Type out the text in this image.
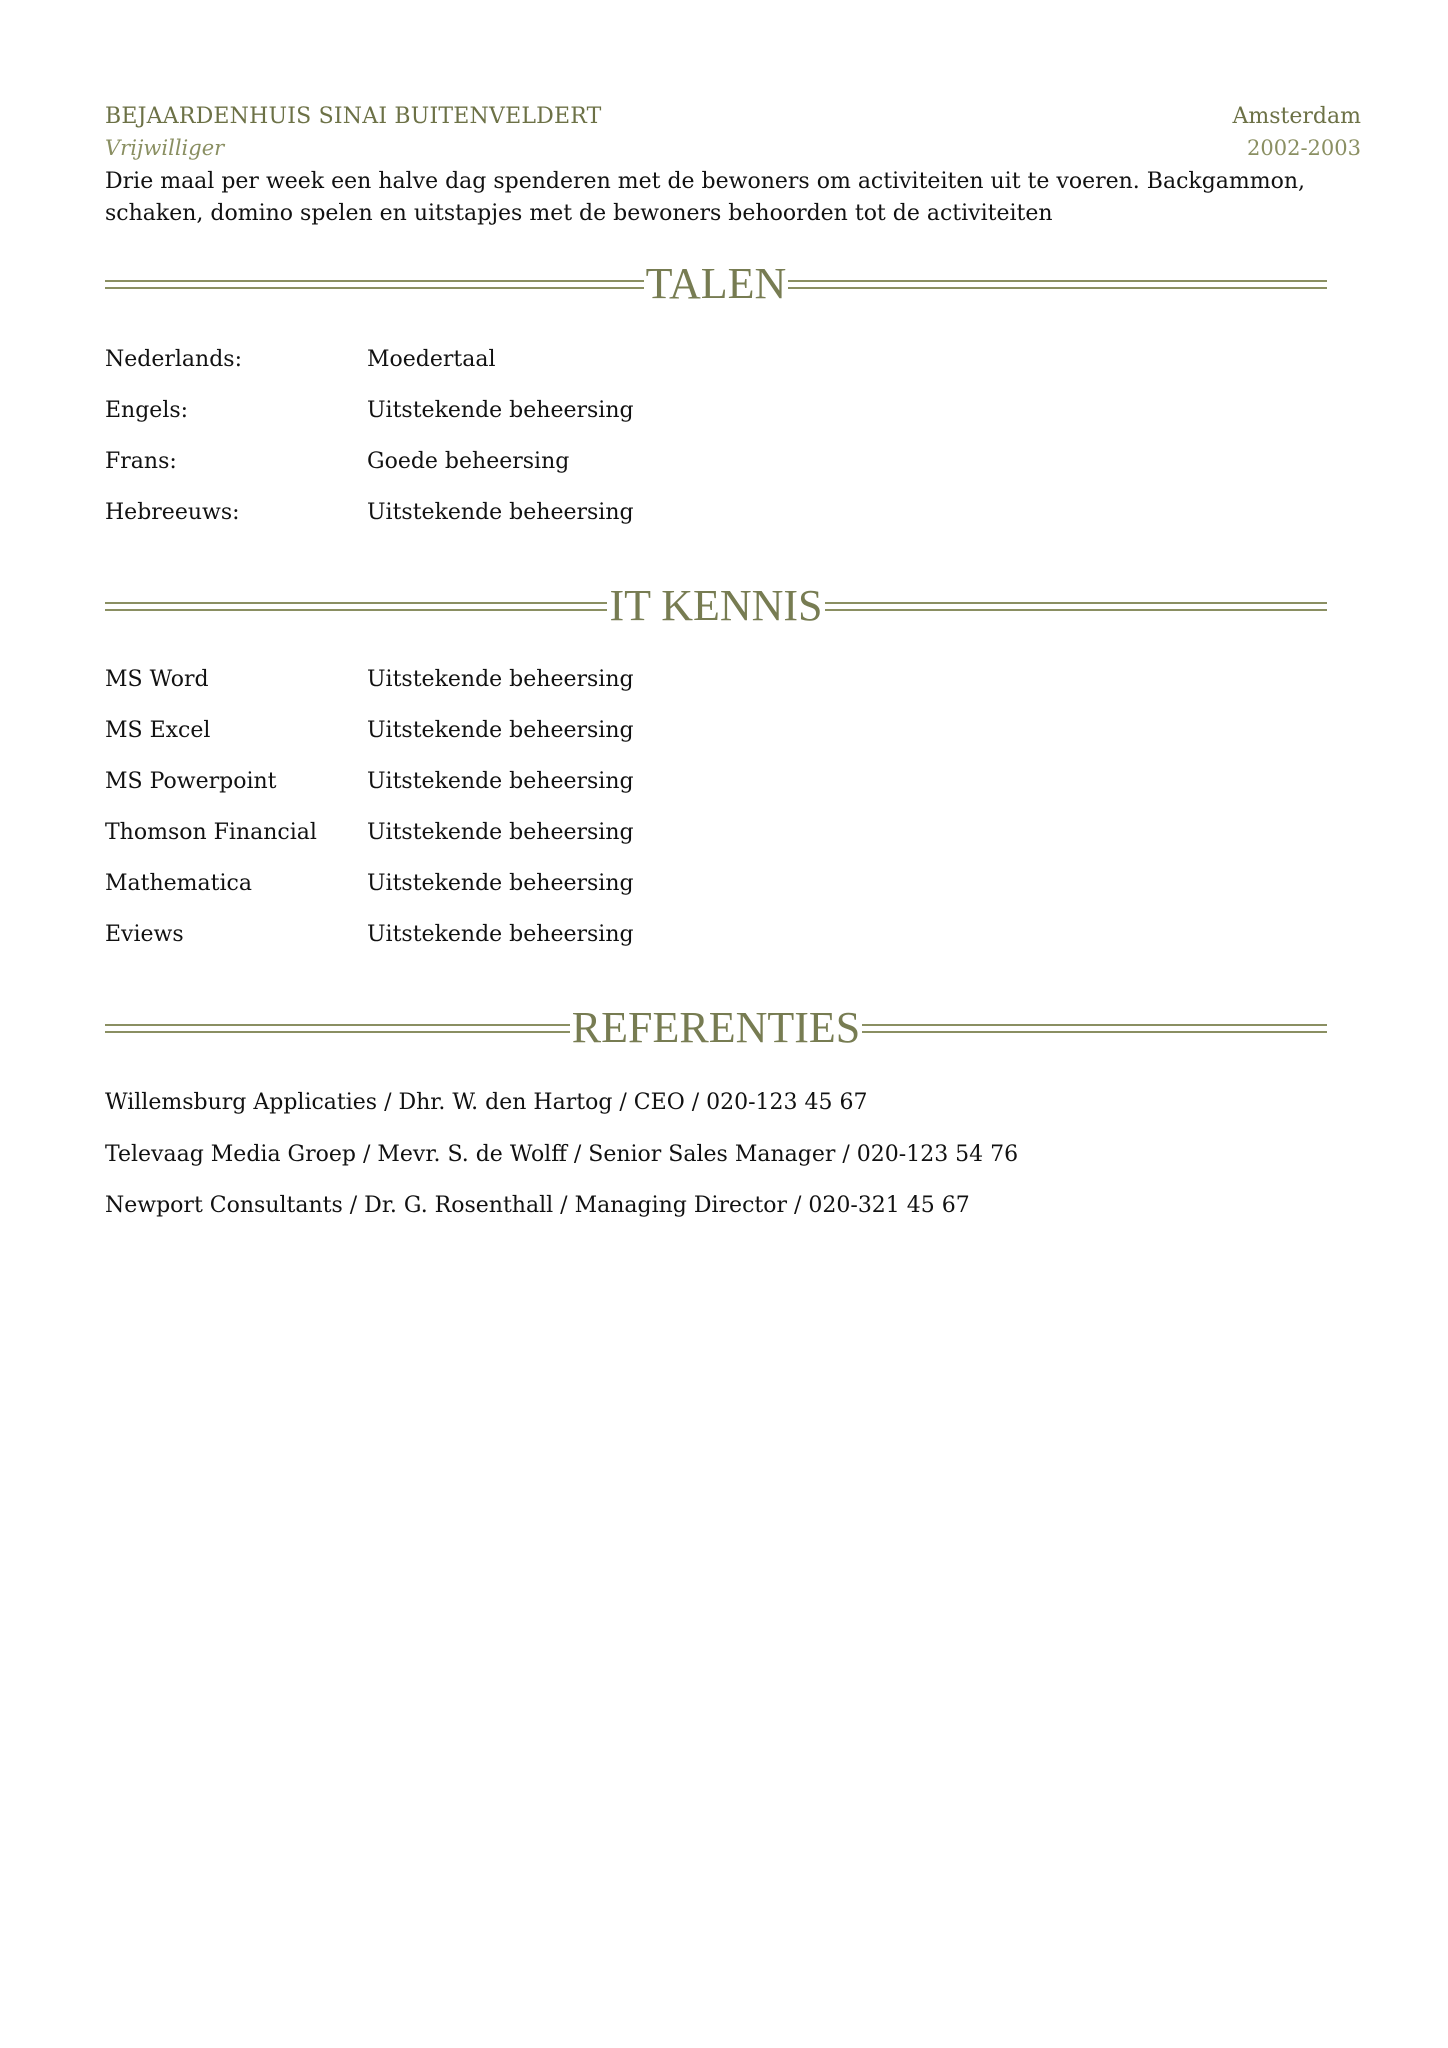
BEJAARDENHUIS SINAI BUITENVELDERT	Amsterdam
Vrijwilliger	2002-2003
Drie maal per week een halve dag spenderen met de bewoners om activiteiten uit te voeren. Backgammon, schaken, domino spelen en uitstapjes met de bewoners behoorden tot de activiteiten
TALEN
Nederlands:	Moedertaal
Engels:	Uitstekende beheersing
Frans:	Goede beheersing
Hebreeuws:	Uitstekende beheersing
IT KENNIS
MS Word	Uitstekende beheersing
MS Excel	Uitstekende beheersing
MS Powerpoint	Uitstekende beheersing
Thomson Financial	Uitstekende beheersing
Mathematica	Uitstekende beheersing
Eviews	Uitstekende beheersing
REFERENTIES
Willemsburg Applicaties / Dhr. W. den Hartog / CEO / 020-123 45 67
Televaag Media Groep / Mevr. S. de Wolff / Senior Sales Manager / 020-123 54 76
Newport Consultants / Dr. G. Rosenthall / Managing Director / 020-321 45 67
